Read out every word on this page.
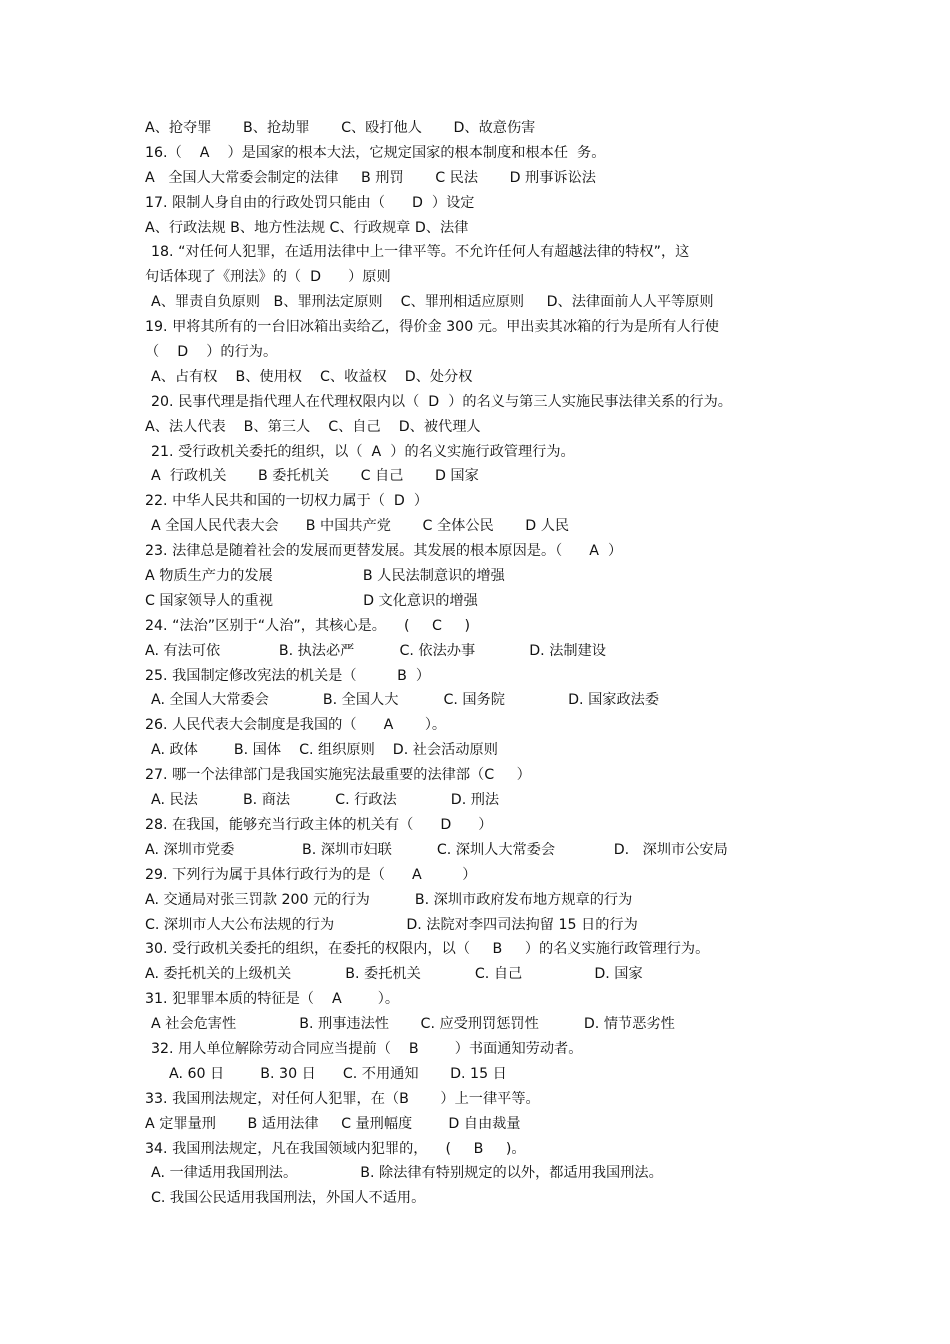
A、抢夺罪       B、抢劫罪       C、殴打他人       D、故意伤害
16.（    A    ）是国家的根本大法，它规定国家的根本制度和根本任  务。
A   全国人大常委会制定的法律     B 刑罚       C 民法       D 刑事诉讼法
17. 限制人身自由的行政处罚只能由（      D  ）设定
A、行政法规 B、地方性法规 C、行政规章 D、法律
18. “对任何人犯罪，在适用法律中上一律平等。不允许任何人有超越法律的特权”，这
句话体现了《刑法》的（  D      ）原则
A、罪责自负原则   B、罪刑法定原则    C、罪刑相适应原则     D、法律面前人人平等原则
19. 甲将其所有的一台旧冰箱出卖给乙，得价金 300 元。甲出卖其冰箱的行为是所有人行使
（    D    ）的行为。
A、占有权    B、使用权    C、收益权    D、处分权
20. 民事代理是指代理人在代理权限内以（  D  ）的名义与第三人实施民事法律关系的行为。
A、法人代表    B、第三人    C、自己    D、被代理人
21. 受行政机关委托的组织，以（  A  ）的名义实施行政管理行为。
A  行政机关       B 委托机关       C 自己       D 国家
22. 中华人民共和国的一切权力属于（  D  ）
A 全国人民代表大会      B 中国共产党       C 全体公民       D 人民
23. 法律总是随着社会的发展而更替发展。其发展的根本原因是。（      A  ）
A 物质生产力的发展                    B 人民法制意识的增强
C 国家领导人的重视                    D 文化意识的增强
24. “法治”区别于“人治”，其核心是。    (     C     )
A. 有法可依             B. 执法必严          C. 依法办事            D. 法制建设
25. 我国制定修改宪法的机关是（         B  ）
A. 全国人大常委会            B. 全国人大          C. 国务院              D. 国家政法委
26. 人民代表大会制度是我国的（      A       ）。
A. 政体        B. 国体    C. 组织原则    D. 社会活动原则
27. 哪一个法律部门是我国实施宪法最重要的法律部（C     ）
A. 民法          B. 商法          C. 行政法            D. 刑法
28. 在我国，能够充当行政主体的机关有（      D      ）
A. 深圳市党委               B. 深圳市妇联          C. 深圳人大常委会             D.   深圳市公安局
29. 下列行为属于具体行政行为的是（      A         ）
A. 交通局对张三罚款 200 元的行为          B. 深圳市政府发布地方规章的行为
C. 深圳市人大公布法规的行为                D. 法院对李四司法拘留 15 日的行为
30. 受行政机关委托的组织，在委托的权限内，以（     B     ）的名义实施行政管理行为。
A. 委托机关的上级机关            B. 委托机关            C. 自己                D. 国家
31. 犯罪罪本质的特征是（    A        ）。
A 社会危害性              B. 刑事违法性       C. 应受刑罚惩罚性          D. 情节恶劣性
32. 用人单位解除劳动合同应当提前（    B        ）书面通知劳动者。
A. 60 日        B. 30 日      C. 不用通知       D. 15 日
33. 我国刑法规定，对任何人犯罪，在（B       ）上一律平等。
A 定罪量刑       B 适用法律     C 量刑幅度        D 自由裁量
34. 我国刑法规定，凡在我国领域内犯罪的，    (     B     )。
A. 一律适用我国刑法。              B. 除法律有特别规定的以外，都适用我国刑法。
C. 我国公民适用我国刑法，外国人不适用。
